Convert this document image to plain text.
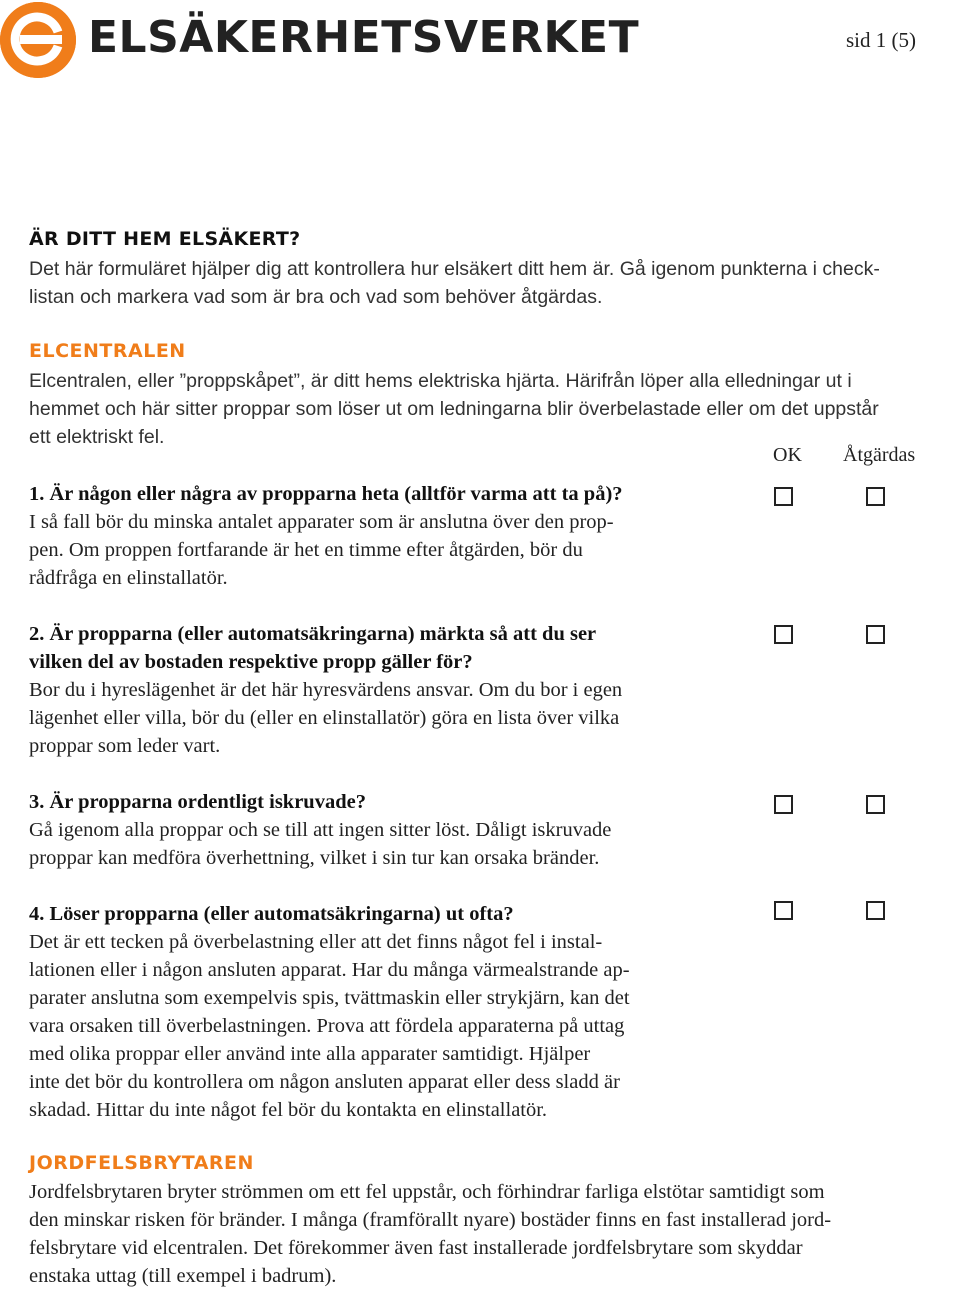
ELSÄKERHETSVERKET	sid 1 (5)
ÄR DITT HEM ELSÄKERT?
Det här formuläret hjälper dig att kontrollera hur elsäkert ditt hem är. Gå igenom punkterna i check-
listan och markera vad som är bra och vad som behöver åtgärdas.
ELCENTRALEN
Elcentralen, eller ”proppskåpet”, är ditt hems elektriska hjärta. Härifrån löper alla elledningar ut i
hemmet och här sitter proppar som löser ut om ledningarna blir överbelastade eller om det uppstår
ett elektriskt fel.
OK Åtgärdas
1. Är någon eller några av propparna heta (alltför varma att ta på)?
I så fall bör du minska antalet apparater som är anslutna över den prop-
pen. Om proppen fortfarande är het en timme efter åtgärden, bör du
rådfråga en elinstallatör.
2. Är propparna (eller automatsäkringarna) märkta så att du ser
vilken del av bostaden respektive propp gäller för?
Bor du i hyreslägenhet är det här hyresvärdens ansvar. Om du bor i egen
lägenhet eller villa, bör du (eller en elinstallatör) göra en lista över vilka
proppar som leder vart.
3. Är propparna ordentligt iskruvade?
Gå igenom alla proppar och se till att ingen sitter löst. Dåligt iskruvade
proppar kan medföra överhettning, vilket i sin tur kan orsaka bränder.
4. Löser propparna (eller automatsäkringarna) ut ofta?
Det är ett tecken på överbelastning eller att det finns något fel i instal-
lationen eller i någon ansluten apparat. Har du många värmealstrande ap-
parater anslutna som exempelvis spis, tvättmaskin eller strykjärn, kan det
vara orsaken till överbelastningen. Prova att fördela apparaterna på uttag
med olika proppar eller använd inte alla apparater samtidigt. Hjälper
inte det bör du kontrollera om någon ansluten apparat eller dess sladd är
skadad. Hittar du inte något fel bör du kontakta en elinstallatör.
JORDFELSBRYTAREN
Jordfelsbrytaren bryter strömmen om ett fel uppstår, och förhindrar farliga elstötar samtidigt som
den minskar risken för bränder. I många (framförallt nyare) bostäder finns en fast installerad jord-
felsbrytare vid elcentralen. Det förekommer även fast installerade jordfelsbrytare som skyddar
enstaka uttag (till exempel i badrum).
